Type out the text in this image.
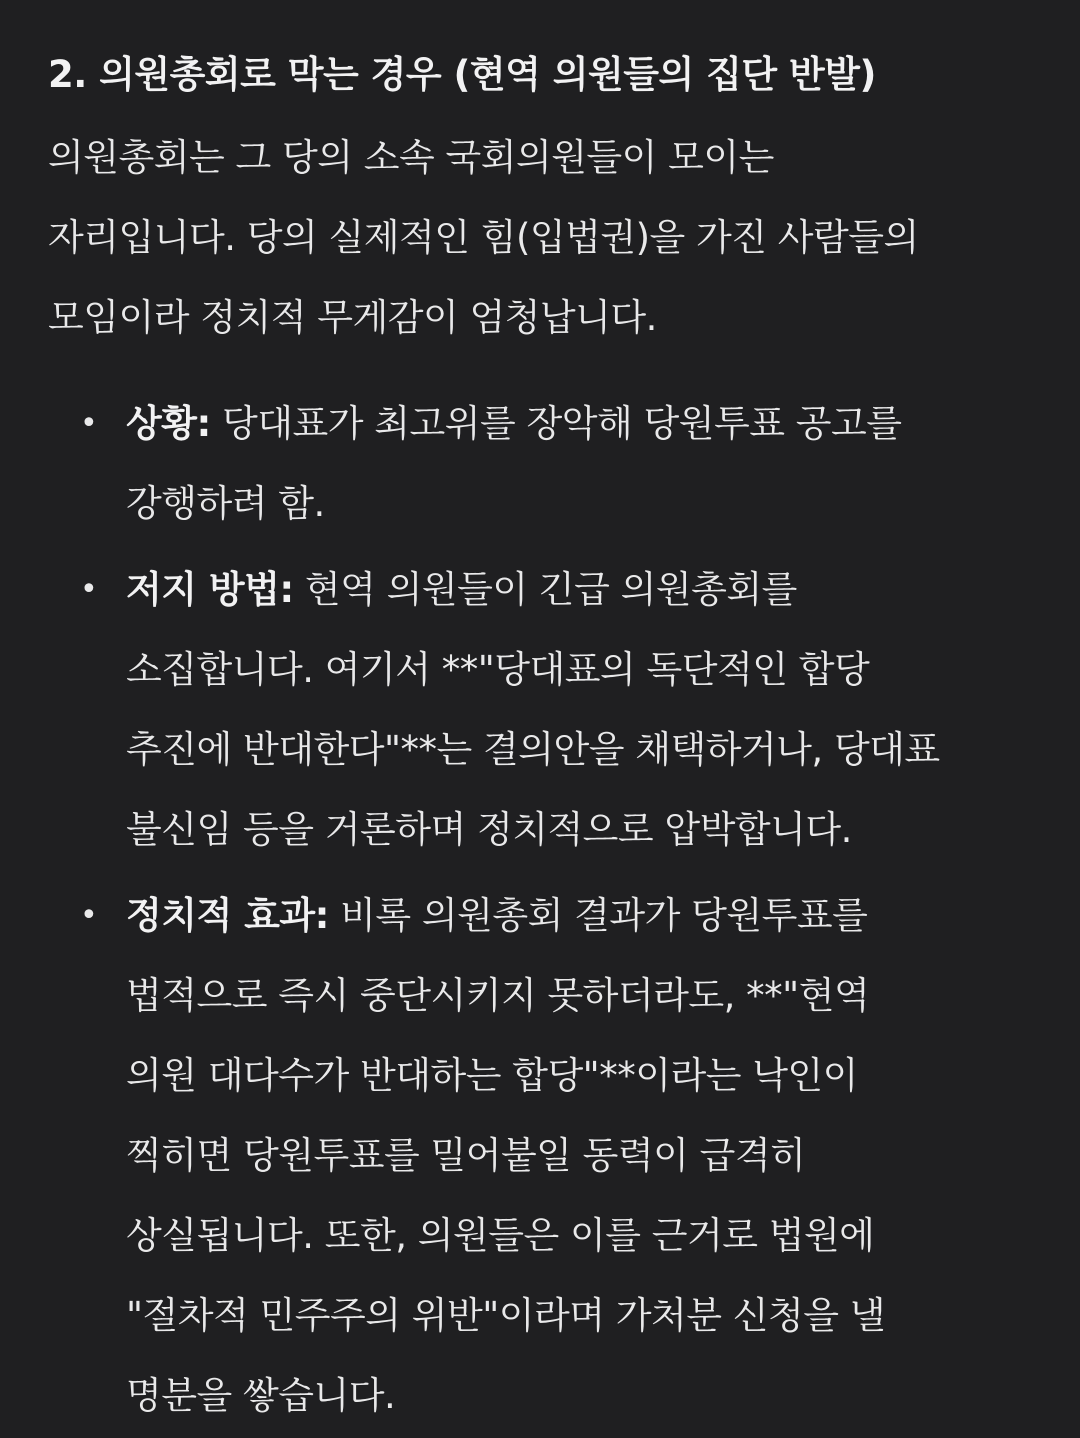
2. 의원총회로 막는 경우 (현역 의원들의 집단 반발)

의원총회는 그 당의 소속 국회의원들이 모이는
자리입니다. 당의 실제적인 힘(입법권)을 가진 사람들의
모임이라 정치적 무게감이 엄청납니다.

• 상황: 당대표가 최고위를 장악해 당원투표 공고를
강행하려 함.
• 저지 방법: 현역 의원들이 긴급 의원총회를
소집합니다. 여기서 **"당대표의 독단적인 합당
추진에 반대한다"**는 결의안을 채택하거나, 당대표
불신임 등을 거론하며 정치적으로 압박합니다.
• 정치적 효과: 비록 의원총회 결과가 당원투표를
법적으로 즉시 중단시키지 못하더라도, **"현역
의원 대다수가 반대하는 합당"**이라는 낙인이
찍히면 당원투표를 밀어붙일 동력이 급격히
상실됩니다. 또한, 의원들은 이를 근거로 법원에
"절차적 민주주의 위반"이라며 가처분 신청을 낼
명분을 쌓습니다.
